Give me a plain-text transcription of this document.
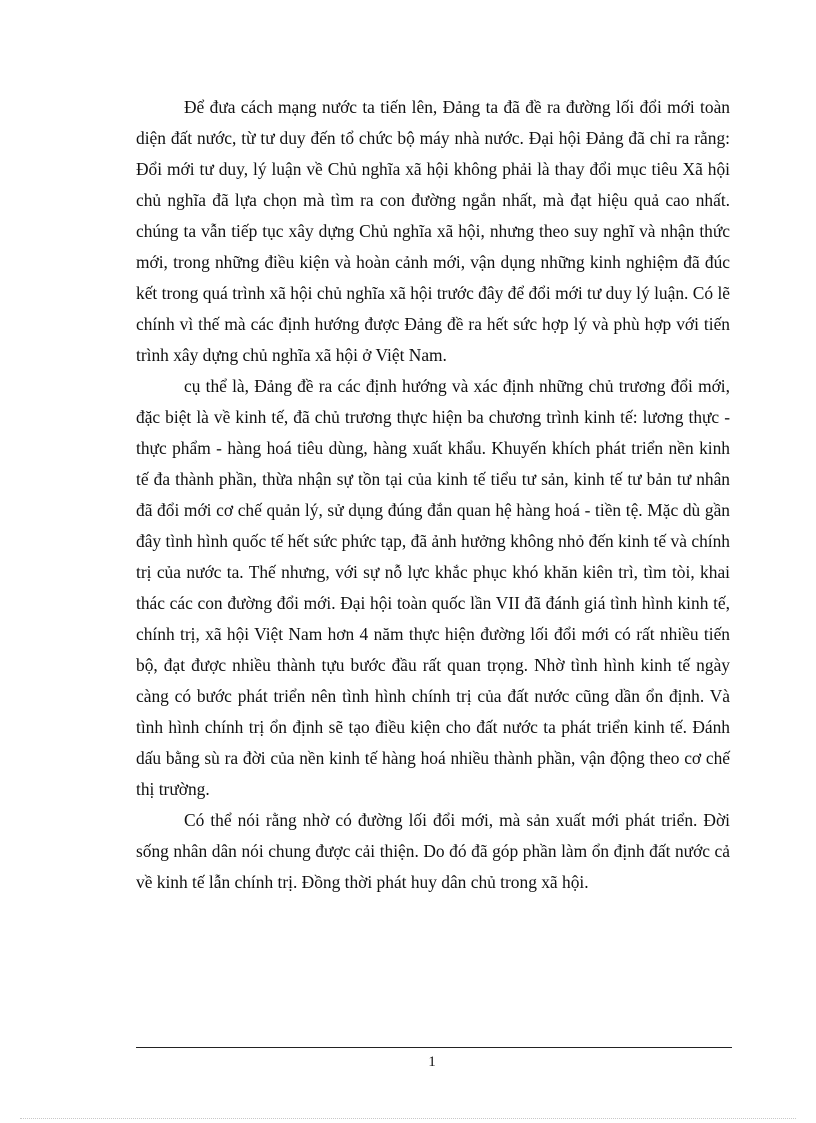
Để đưa cách mạng nước ta tiến lên, Đảng ta đã đề ra đường lối đổi mới toàn diện đất nước, từ tư duy đến tổ chức bộ máy nhà nước. Đại hội Đảng đã chỉ ra rằng: Đổi mới tư duy, lý luận về Chủ nghĩa xã hội không phải là thay đổi mục tiêu Xã hội chủ nghĩa đã lựa chọn mà tìm ra con đường ngắn nhất, mà đạt hiệu quả cao nhất. chúng ta vẫn tiếp tục xây dựng Chủ nghĩa xã hội, nhưng theo suy nghĩ và nhận thức mới, trong những điều kiện và hoàn cảnh mới, vận dụng những kinh nghiệm đã đúc kết trong quá trình xã hội chủ nghĩa xã hội trước đây để đổi mới tư duy lý luận. Có lẽ chính vì thế mà các định hướng được Đảng đề ra hết sức hợp lý và phù hợp với tiến trình xây dựng chủ nghĩa xã hội ở Việt Nam.

cụ thể là, Đảng đề ra các định hướng và xác định những chủ trương đổi mới, đặc biệt là về kinh tế, đã chủ trương thực hiện ba chương trình kinh tế: lương thực - thực phẩm - hàng hoá tiêu dùng, hàng xuất khẩu. Khuyến khích phát triển nền kinh tế đa thành phần, thừa nhận sự tồn tại của kinh tế tiểu tư sản, kinh tế tư bản tư nhân đã đổi mới cơ chế quản lý, sử dụng đúng đắn quan hệ hàng hoá - tiền tệ. Mặc dù gần đây tình hình quốc tế hết sức phức tạp, đã ảnh hưởng không nhỏ đến kinh tế và chính trị của nước ta. Thế nhưng, với sự nỗ lực khắc phục khó khăn kiên trì, tìm tòi, khai thác các con đường đổi mới. Đại hội toàn quốc lần VII đã đánh giá tình hình kinh tế, chính trị, xã hội Việt Nam hơn 4 năm thực hiện đường lối đổi mới có rất nhiều tiến bộ, đạt được nhiều thành tựu bước đầu rất quan trọng. Nhờ tình hình kinh tế ngày càng có bước phát triển nên tình hình chính trị của đất nước cũng dần ổn định. Và tình hình chính trị ổn định sẽ tạo điều kiện cho đất nước ta phát triển kinh tế. Đánh dấu bằng sù ra đời của nền kinh tế hàng hoá nhiều thành phần, vận động theo cơ chế thị trường.

Có thể nói rằng nhờ có đường lối đổi mới, mà sản xuất mới phát triển. Đời sống nhân dân nói chung được cải thiện. Do đó đã góp phần làm ổn định đất nước cả về kinh tế lẫn chính trị. Đồng thời phát huy dân chủ trong xã hội.

1
